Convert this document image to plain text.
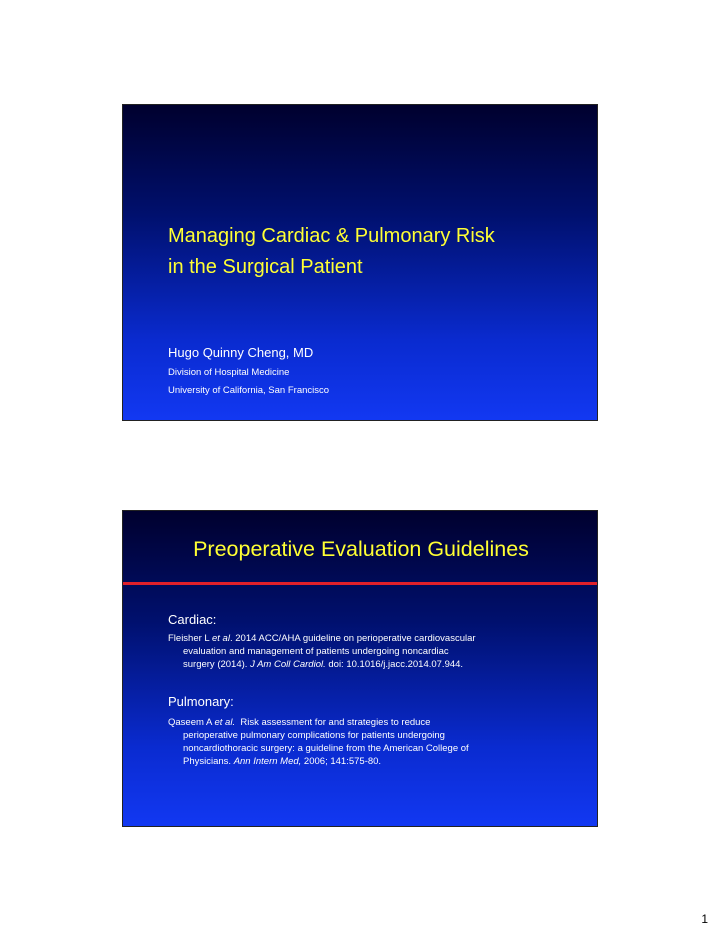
Managing Cardiac & Pulmonary Risk
in the Surgical Patient
Hugo Quinny Cheng, MD
Division of Hospital Medicine
University of California, San Francisco
Preoperative Evaluation Guidelines
Cardiac:
Fleisher L et al. 2014 ACC/AHA guideline on perioperative cardiovascular
evaluation and management of patients undergoing noncardiac
surgery (2014). J Am Coll Cardiol. doi: 10.1016/j.jacc.2014.07.944.
Pulmonary:
Qaseem A et al.  Risk assessment for and strategies to reduce
perioperative pulmonary complications for patients undergoing
noncardiothoracic surgery: a guideline from the American College of
Physicians. Ann Intern Med, 2006; 141:575-80.
1
